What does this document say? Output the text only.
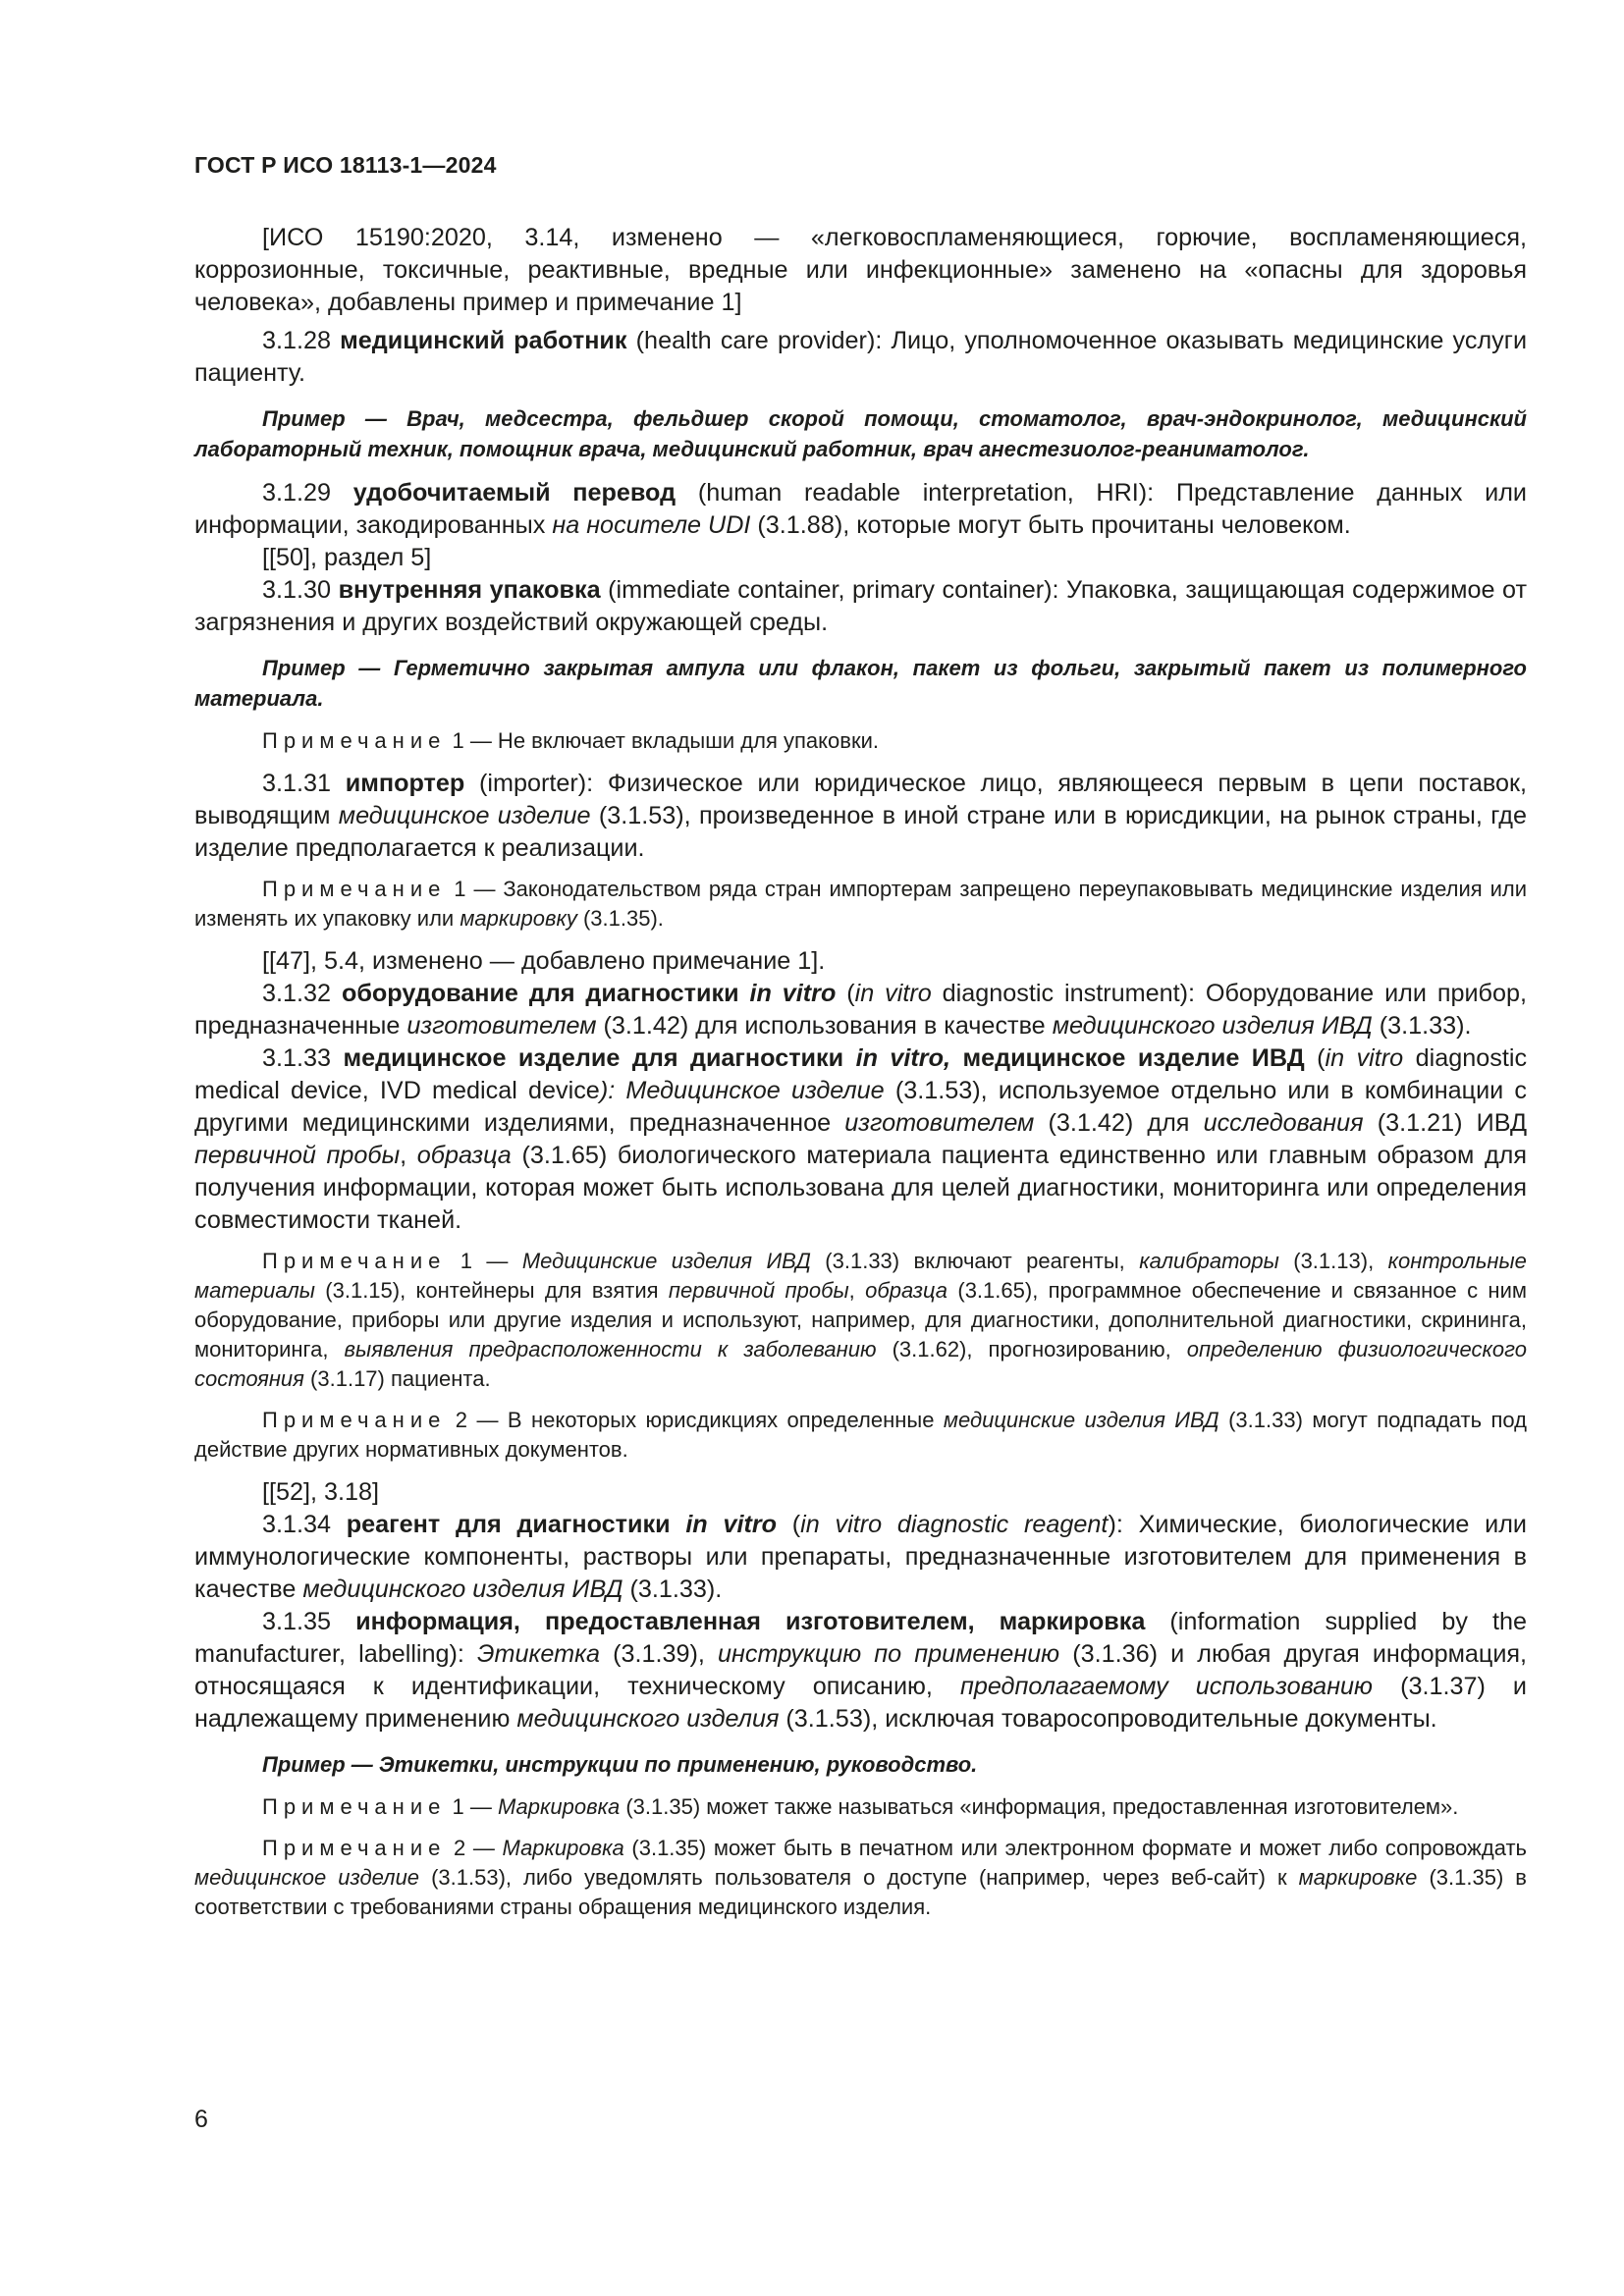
ГОСТ Р ИСО 18113-1—2024

[ИСО 15190:2020, 3.14, изменено — «легковоспламеняющиеся, горючие, воспламеняющиеся, коррозионные, токсичные, реактивные, вредные или инфекционные» заменено на «опасны для здоровья человека», добавлены пример и примечание 1]

3.1.28 медицинский работник (health care provider): Лицо, уполномоченное оказывать медицинские услуги пациенту.

Пример — Врач, медсестра, фельдшер скорой помощи, стоматолог, врач-эндокринолог, медицинский лабораторный техник, помощник врача, медицинский работник, врач анестезиолог-реаниматолог.

3.1.29 удобочитаемый перевод (human readable interpretation, HRI): Представление данных или информации, закодированных на носителе UDI (3.1.88), которые могут быть прочитаны человеком.

[[50], раздел 5]

3.1.30 внутренняя упаковка (immediate container, primary container): Упаковка, защищающая содержимое от загрязнения и других воздействий окружающей среды.

Пример — Герметично закрытая ампула или флакон, пакет из фольги, закрытый пакет из полимерного материала.

Примечание 1 — Не включает вкладыши для упаковки.

3.1.31 импортер (importer): Физическое или юридическое лицо, являющееся первым в цепи поставок, выводящим медицинское изделие (3.1.53), произведенное в иной стране или в юрисдикции, на рынок страны, где изделие предполагается к реализации.

Примечание 1 — Законодательством ряда стран импортерам запрещено переупаковывать медицинские изделия или изменять их упаковку или маркировку (3.1.35).

[[47], 5.4, изменено — добавлено примечание 1].

3.1.32 оборудование для диагностики in vitro (in vitro diagnostic instrument): Оборудование или прибор, предназначенные изготовителем (3.1.42) для использования в качестве медицинского изделия ИВД (3.1.33).

3.1.33 медицинское изделие для диагностики in vitro, медицинское изделие ИВД (in vitro diagnostic medical device, IVD medical device): Медицинское изделие (3.1.53), используемое отдельно или в комбинации с другими медицинскими изделиями, предназначенное изготовителем (3.1.42) для исследования (3.1.21) ИВД первичной пробы, образца (3.1.65) биологического материала пациента единственно или главным образом для получения информации, которая может быть использована для целей диагностики, мониторинга или определения совместимости тканей.

Примечание 1 — Медицинские изделия ИВД (3.1.33) включают реагенты, калибраторы (3.1.13), контрольные материалы (3.1.15), контейнеры для взятия первичной пробы, образца (3.1.65), программное обеспечение и связанное с ним оборудование, приборы или другие изделия и используют, например, для диагностики, дополнительной диагностики, скрининга, мониторинга, выявления предрасположенности к заболеванию (3.1.62), прогнозированию, определению физиологического состояния (3.1.17) пациента.

Примечание 2 — В некоторых юрисдикциях определенные медицинские изделия ИВД (3.1.33) могут подпадать под действие других нормативных документов.

[[52], 3.18]

3.1.34 реагент для диагностики in vitro (in vitro diagnostic reagent): Химические, биологические или иммунологические компоненты, растворы или препараты, предназначенные изготовителем для применения в качестве медицинского изделия ИВД (3.1.33).

3.1.35 информация, предоставленная изготовителем, маркировка (information supplied by the manufacturer, labelling): Этикетка (3.1.39), инструкцию по применению (3.1.36) и любая другая информация, относящаяся к идентификации, техническому описанию, предполагаемому использованию (3.1.37) и надлежащему применению медицинского изделия (3.1.53), исключая товаросопроводительные документы.

Пример — Этикетки, инструкции по применению, руководство.

Примечание 1 — Маркировка (3.1.35) может также называться «информация, предоставленная изготовителем».

Примечание 2 — Маркировка (3.1.35) может быть в печатном или электронном формате и может либо сопровождать медицинское изделие (3.1.53), либо уведомлять пользователя о доступе (например, через веб-сайт) к маркировке (3.1.35) в соответствии с требованиями страны обращения медицинского изделия.

6
